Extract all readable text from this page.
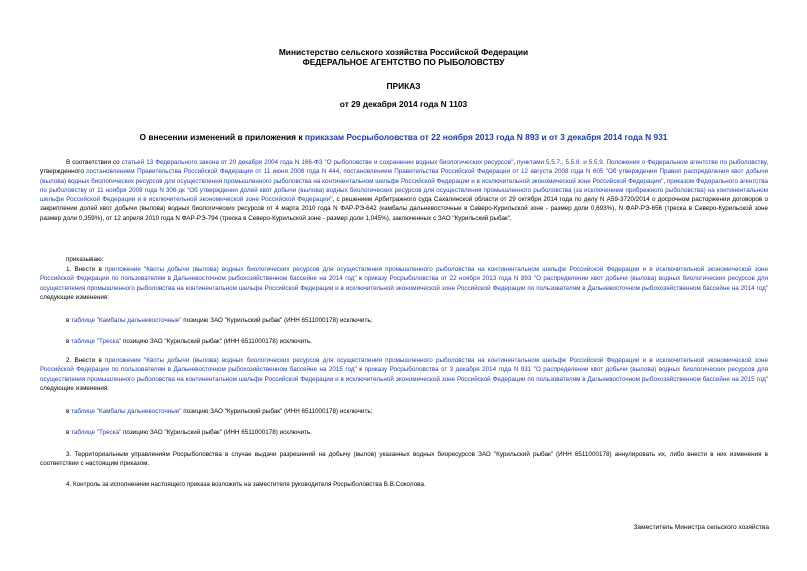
Министерство сельского хозяйства Российской Федерации
ФЕДЕРАЛЬНОЕ АГЕНТСТВО ПО РЫБОЛОВСТВУ
ПРИКАЗ
от 29 декабря 2014 года N 1103
О внесении изменений в приложения к приказам Росрыболовства от 22 ноября 2013 года N 893 и от 3 декабря 2014 года N 931

В соответствии со статьей 13 Федерального закона от 20 декабря 2004 года N 166-ФЗ "О рыболовстве и сохранении водных биологических ресурсов", пунктами 5.5.7., 5.5.8. и 5.5.9. Положения о Федеральном агентстве по рыболовству, утвержденного постановлением Правительства Российской Федерации от 11 июня 2008 года N 444, постановлением Правительства Российской Федерации от 12 августа 2008 года N 605 "Об утверждении Правил распределения квот добычи (вылова) водных биологических ресурсов для осуществления промышленного рыболовства на континентальном шельфе Российской Федерации и в исключительной экономической зоне Российской Федерации", приказом Федерального агентства по рыболовству от 11 ноября 2008 года N 306-дк "Об утверждении долей квот добычи (вылова) водных биологических ресурсов для осуществления промышленного рыболовства (за исключением прибрежного рыболовства) на континентальном шельфе Российской Федерации и в исключительной экономической зоне Российской Федерации", с решением Арбитражного суда Сахалинской области от 29 октября 2014 года по делу N А59-3720/2014 о досрочном расторжении договоров о закреплении долей квот добычи (вылова) водных биологических ресурсов от 4 марта 2010 года N ФАР-РЭ-642 (камбалы дальневосточные в Северо-Курильской зоне - размер доли 0,693%), N ФАР-РЭ-656 (треска в Северо-Курильской зоне размер доли 0,359%), от 12 апреля 2010 года N ФАР-РЭ-794 (треска в Северо-Курильской зоне - размер доли 1,045%), заключенных с ЗАО "Курильский рыбак",

приказываю:

1. Внести в приложение "Квоты добычи (вылова) водных биологических ресурсов для осуществления промышленного рыболовства на континентальном шельфе Российской Федерации и в исключительной экономической зоне Российской Федерации по пользователям в Дальневосточном рыбохозяйственном бассейне на 2014 год" к приказу Росрыболовства от 22 ноября 2013 года N 893 "О распределении квот добычи (вылова) водных биологических ресурсов для осуществления промышленного рыболовства на континентальном шельфе Российской Федерации и в исключительной экономической зоне Российской Федерации по пользователям в Дальневосточном рыбохозяйственном бассейне на 2014 год" следующие изменения:

в таблице "Камбалы дальневосточные" позицию ЗАО "Курильский рыбак" (ИНН 6511000178) исключить;

в таблице "Треска" позицию ЗАО "Курильский рыбак" (ИНН 6511000178) исключить.

2. Внести в приложение "Квоты добычи (вылова) водных биологических ресурсов для осуществления промышленного рыболовства на континентальном шельфе Российской Федерации и в исключительной экономической зоне Российской Федерации по пользователям в Дальневосточном рыбохозяйственном бассейне на 2015 год" к приказу Росрыболовства от 3 декабря 2014 года N 931 "О распределении квот добычи (вылова) водных биологических ресурсов для осуществления промышленного рыболовства на континентальном шельфе Российской Федерации и в исключительной экономической зоне Российской Федерации по пользователям в Дальневосточном рыбохозяйственном бассейне на 2015 год" следующие изменения:

в таблице "Камбалы дальневосточные" позицию ЗАО "Курильский рыбак" (ИНН 6511000178) исключить;

в таблице "Треска" позицию ЗАО "Курильский рыбак" (ИНН 6511000178) исключить.

3. Территориальным управлениям Росрыболовства в случае выдачи разрешений на добычу (вылов) указанных водных биоресурсов ЗАО "Курильский рыбак" (ИНН 6511000178) аннулировать их, либо внести в них изменения в соответствии с настоящим приказом.

4. Контроль за исполнением настоящего приказа возложить на заместителя руководителя Росрыболовства В.В.Соколова.

Заместитель Министра сельского хозяйства
